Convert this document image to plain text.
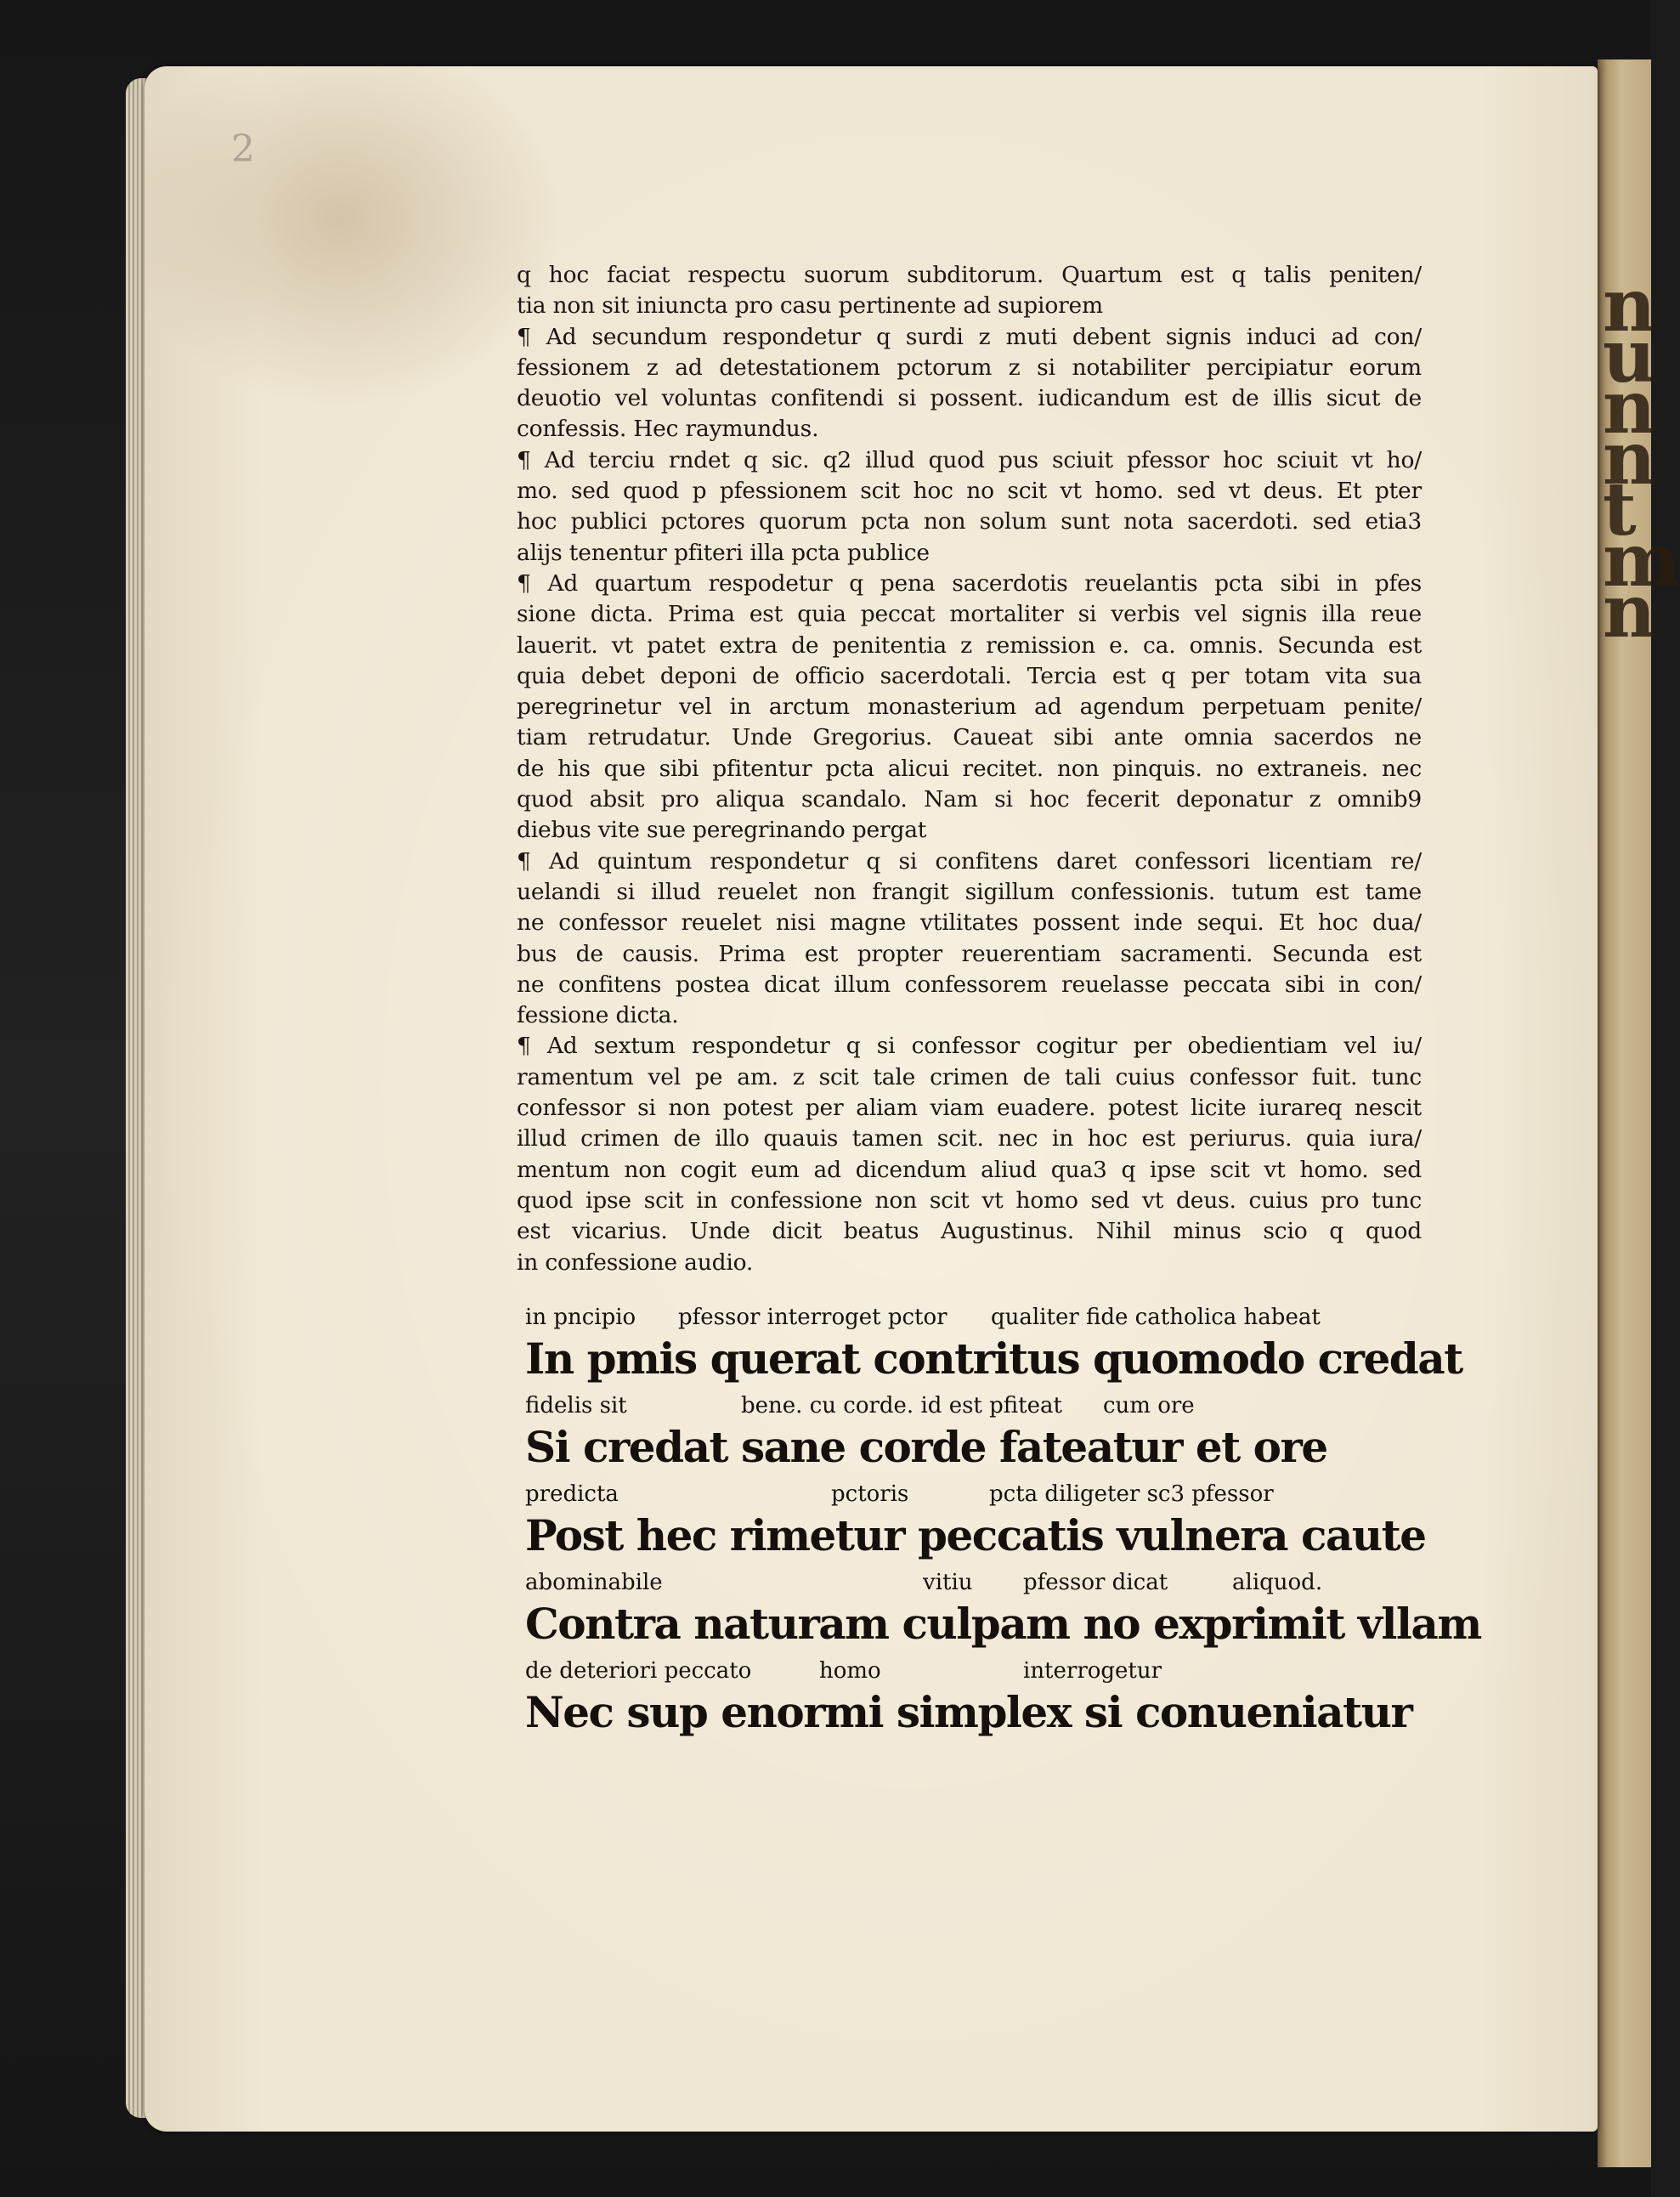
nunnt mn
2
q hoc faciat respectu suorum subditorum. Quartum est q talis peniten/
tia non sit iniuncta pro casu pertinente ad supiorem
¶ Ad secundum respondetur q surdi z muti debent signis induci ad con/
fessionem z ad detestationem pctorum z si notabiliter percipiatur eorum
deuotio vel voluntas confitendi si possent. iudicandum est de illis sicut de
confessis. Hec raymundus.
¶ Ad terciu rndet q sic. q2 illud quod pus sciuit pfessor hoc sciuit vt ho/
mo. sed quod p pfessionem scit hoc no scit vt homo. sed vt deus. Et pter
hoc publici pctores quorum pcta non solum sunt nota sacerdoti. sed etia3
alijs tenentur pfiteri illa pcta publice
¶ Ad quartum respodetur q pena sacerdotis reuelantis pcta sibi in pfes
sione dicta. Prima est quia peccat mortaliter si verbis vel signis illa reue
lauerit. vt patet extra de penitentia z remission e. ca. omnis. Secunda est
quia debet deponi de officio sacerdotali. Tercia est q per totam vita sua
peregrinetur vel in arctum monasterium ad agendum perpetuam penite/
tiam retrudatur. Unde Gregorius. Caueat sibi ante omnia sacerdos ne
de his que sibi pfitentur pcta alicui recitet. non pinquis. no extraneis. nec
quod absit pro aliqua scandalo. Nam si hoc fecerit deponatur z omnib9
diebus vite sue peregrinando pergat
¶ Ad quintum respondetur q si confitens daret confessori licentiam re/
uelandi si illud reuelet non frangit sigillum confessionis. tutum est tame
ne confessor reuelet nisi magne vtilitates possent inde sequi. Et hoc dua/
bus de causis. Prima est propter reuerentiam sacramenti. Secunda est
ne confitens postea dicat illum confessorem reuelasse peccata sibi in con/
fessione dicta.
¶ Ad sextum respondetur q si confessor cogitur per obedientiam vel iu/
ramentum vel pe am. z scit tale crimen de tali cuius confessor fuit. tunc
confessor si non potest per aliam viam euadere. potest licite iurareq nescit
illud crimen de illo quauis tamen scit. nec in hoc est periurus. quia iura/
mentum non cogit eum ad dicendum aliud qua3 q ipse scit vt homo. sed
quod ipse scit in confessione non scit vt homo sed vt deus. cuius pro tunc
est vicarius. Unde dicit beatus Augustinus. Nihil minus scio q quod
in confessione audio.
in pncipio pfessor interroget pctor qualiter fide catholica habeat
In pmis querat contritus quomodo credat
fidelis sit	bene. cu corde. id est pfiteat cum ore
Si credat sane corde fateatur et ore
predicta	pctoris	pcta diligeter sc3 pfessor
Post hec rimetur peccatis vulnera caute
abominabile	vitiu pfessor dicat	aliquod.
Contra naturam culpam no exprimit vllam
de deteriori peccato	homo	interrogetur
Nec sup enormi simplex si conueniatur
